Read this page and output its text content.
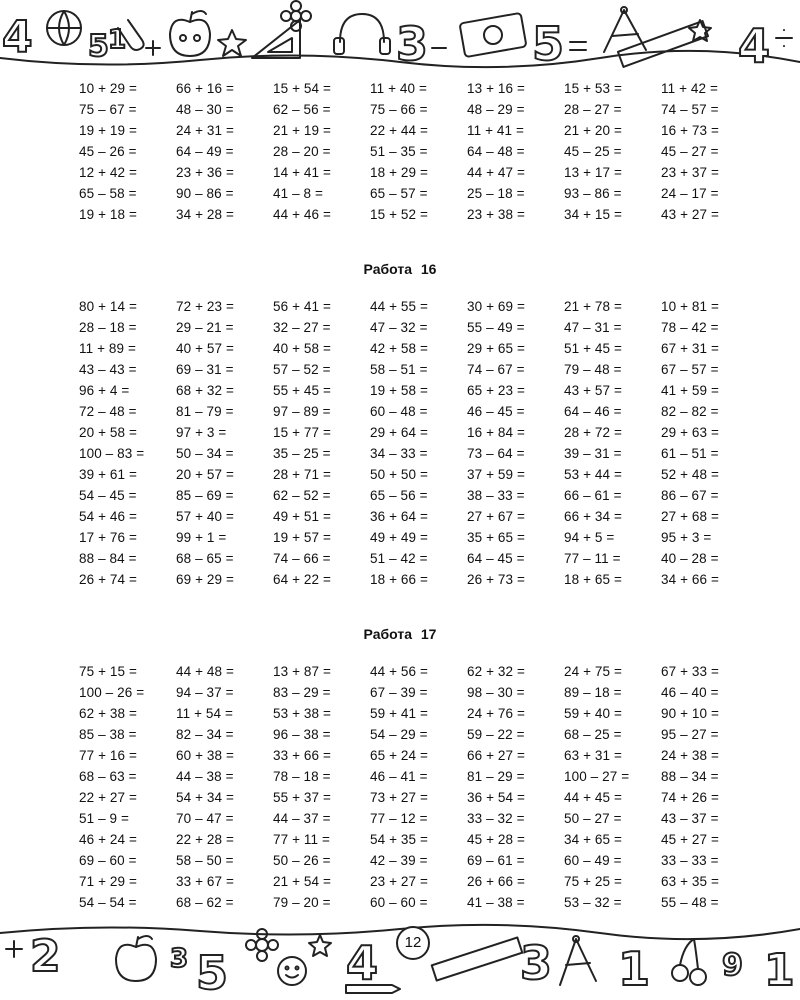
4 5 1	3 5	4
10 + 29 =	66 + 16 =	15 + 54 =	11 + 40 =	13 + 16 =	15 + 53 =	11 + 42 =
75 – 67 =	48 – 30 =	62 – 56 =	75 – 66 =	48 – 29 =	28 – 27 =	74 – 57 =
19 + 19 =	24 + 31 =	21 + 19 =	22 + 44 =	11 + 41 =	21 + 20 =	16 + 73 =
45 – 26 =	64 – 49 =	28 – 20 =	51 – 35 =	64 – 48 =	45 – 25 =	45 – 27 =
12 + 42 =	23 + 36 =	14 + 41 =	18 + 29 =	44 + 47 =	13 + 17 =	23 + 37 =
65 – 58 =	90 – 86 =	41 – 8 =	65 – 57 =	25 – 18 =	93 – 86 =	24 – 17 =
19 + 18 =	34 + 28 =	44 + 46 =	15 + 52 =	23 + 38 =	34 + 15 =	43 + 27 =
Работа 16
80 + 14 =	72 + 23 =	56 + 41 =	44 + 55 =	30 + 69 =	21 + 78 =	10 + 81 =
28 – 18 =	29 – 21 =	32 – 27 =	47 – 32 =	55 – 49 =	47 – 31 =	78 – 42 =
11 + 89 =	40 + 57 =	40 + 58 =	42 + 58 =	29 + 65 =	51 + 45 =	67 + 31 =
43 – 43 =	69 – 31 =	57 – 52 =	58 – 51 =	74 – 67 =	79 – 48 =	67 – 57 =
96 + 4 =	68 + 32 =	55 + 45 =	19 + 58 =	65 + 23 =	43 + 57 =	41 + 59 =
72 – 48 =	81 – 79 =	97 – 89 =	60 – 48 =	46 – 45 =	64 – 46 =	82 – 82 =
20 + 58 =	97 + 3 =	15 + 77 =	29 + 64 =	16 + 84 =	28 + 72 =	29 + 63 =
100 – 83 =	50 – 34 =	35 – 25 =	34 – 33 =	73 – 64 =	39 – 31 =	61 – 51 =
39 + 61 =	20 + 57 =	28 + 71 =	50 + 50 =	37 + 59 =	53 + 44 =	52 + 48 =
54 – 45 =	85 – 69 =	62 – 52 =	65 – 56 =	38 – 33 =	66 – 61 =	86 – 67 =
54 + 46 =	57 + 40 =	49 + 51 =	36 + 64 =	27 + 67 =	66 + 34 =	27 + 68 =
17 + 76 =	99 + 1 =	19 + 57 =	49 + 49 =	35 + 65 =	94 + 5 =	95 + 3 =
88 – 84 =	68 – 65 =	74 – 66 =	51 – 42 =	64 – 45 =	77 – 11 =	40 – 28 =
26 + 74 =	69 + 29 =	64 + 22 =	18 + 66 =	26 + 73 =	18 + 65 =	34 + 66 =
Работа 17
75 + 15 =	44 + 48 =	13 + 87 =	44 + 56 =	62 + 32 =	24 + 75 =	67 + 33 =
100 – 26 =	94 – 37 =	83 – 29 =	67 – 39 =	98 – 30 =	89 – 18 =	46 – 40 =
62 + 38 =	11 + 54 =	53 + 38 =	59 + 41 =	24 + 76 =	59 + 40 =	90 + 10 =
85 – 38 =	82 – 34 =	96 – 38 =	54 – 29 =	59 – 22 =	68 – 25 =	95 – 27 =
77 + 16 =	60 + 38 =	33 + 66 =	65 + 24 =	66 + 27 =	63 + 31 =	24 + 38 =
68 – 63 =	44 – 38 =	78 – 18 =	46 – 41 =	81 – 29 =	100 – 27 =	88 – 34 =
22 + 27 =	54 + 34 =	55 + 37 =	73 + 27 =	36 + 54 =	44 + 45 =	74 + 26 =
51 – 9 =	70 – 47 =	44 – 37 =	77 – 12 =	33 – 32 =	50 – 27 =	43 – 37 =
46 + 24 =	22 + 28 =	77 + 11 =	54 + 35 =	45 + 28 =	34 + 65 =	45 + 27 =
69 – 60 =	58 – 50 =	50 – 26 =	42 – 39 =	69 – 61 =	60 – 49 =	33 – 33 =
71 + 29 =	33 + 67 =	21 + 54 =	23 + 27 =	26 + 66 =	75 + 25 =	63 + 35 =
54 – 54 =	68 – 62 =	79 – 20 =	60 – 60 =	41 – 38 =	53 – 32 =	55 – 48 =
2	3 5	4	3 1 9 1
12
